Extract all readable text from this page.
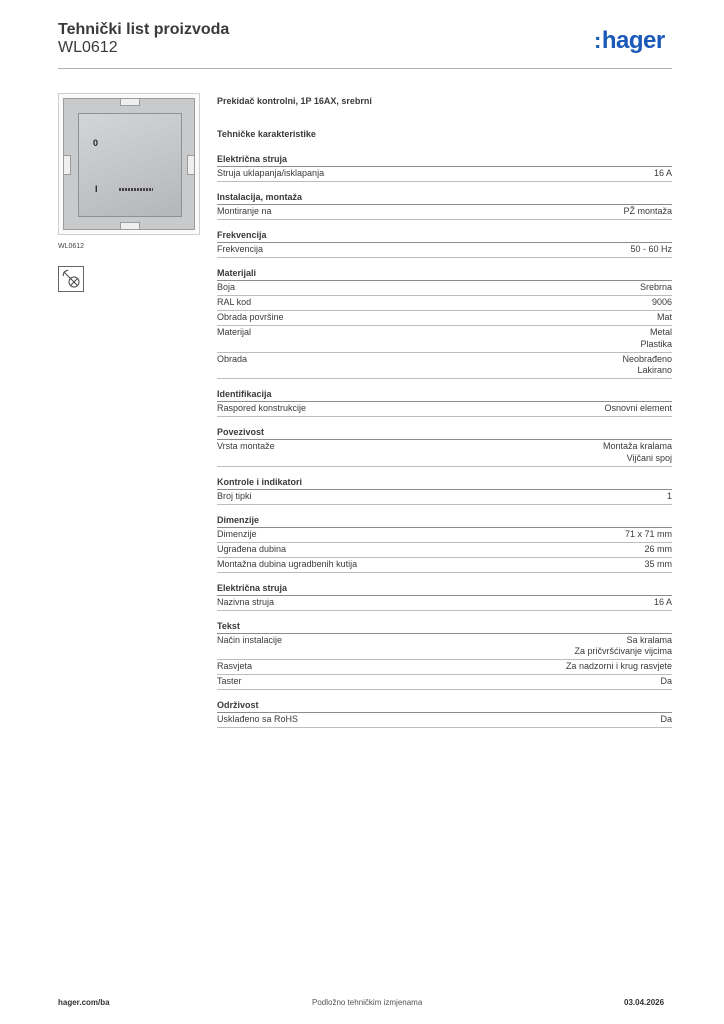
Tehnički list proizvoda
WL0612	:hager
0
I
WL0612
Prekidač kontrolni, 1P 16AX, srebrni
Tehničke karakteristike
Električna struja
Struja uklapanja/isklapanja	16 A
Instalacija, montaža
Montiranje na	PŽ montaža
Frekvencija
Frekvencija	50 - 60 Hz
Materijali
Boja	Srebrna
RAL kod	9006
Obrada površine	Mat
Materijal	Metal
Plastika
Obrada	Neobrađeno
Lakirano
Identifikacija
Raspored konstrukcije	Osnovni element
Povezivost
Vrsta montaže	Montaža kralama
Vijčani spoj
Kontrole i indikatori
Broj tipki	1
Dimenzije
Dimenzije	71 x 71 mm
Ugrađena dubina	26 mm
Montažna dubina ugradbenih kutija	35 mm
Električna struja
Nazivna struja	16 A
Tekst
Način instalacije	Sa kralama
Za pričvršćivanje vijcima
Rasvjeta	Za nadzorni i krug rasvjete
Taster	Da
Održivost
Usklađeno sa RoHS	Da
hager.com/ba	Podložno tehničkim izmjenama	03.04.2026
